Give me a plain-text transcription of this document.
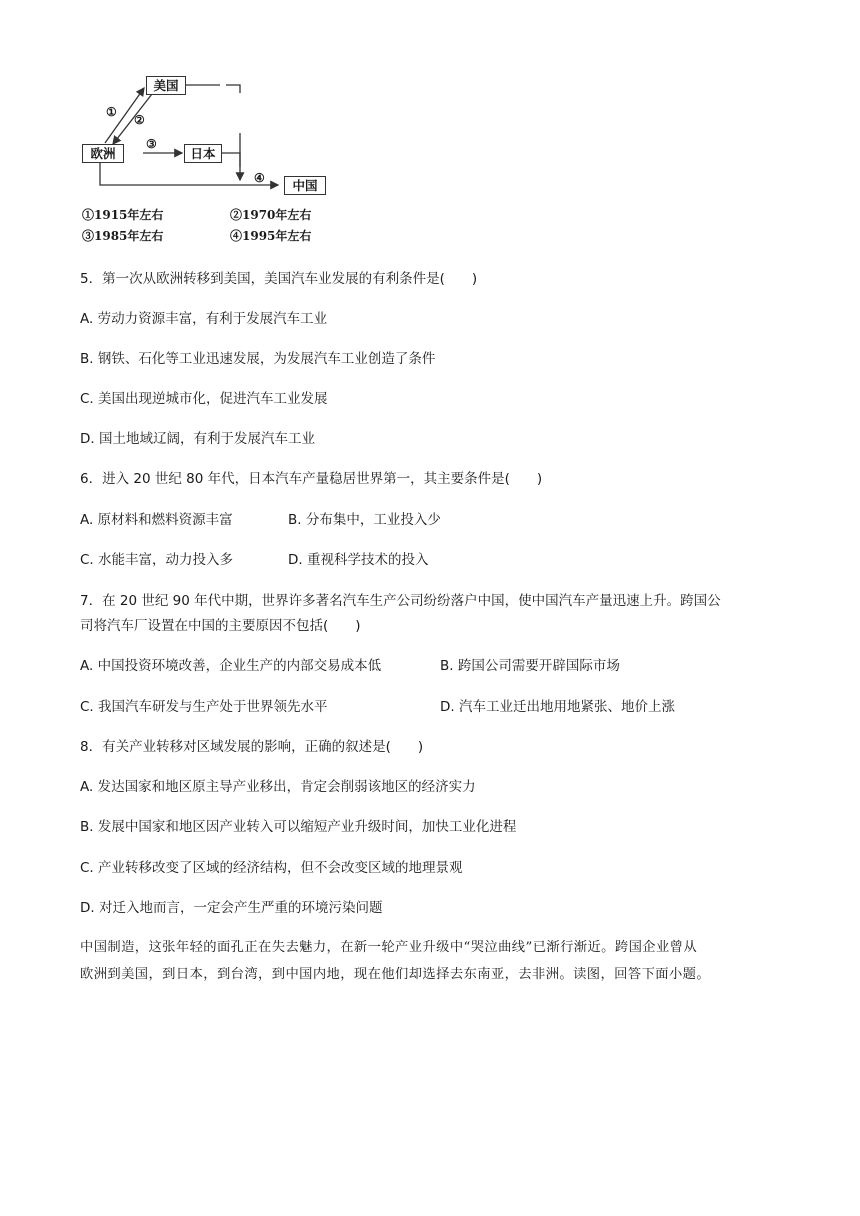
美国
欧洲	日本
中国
①
②
③
④
①1915年左右	②1970年左右
③1985年左右	④1995年左右
5．第一次从欧洲转移到美国，美国汽车业发展的有利条件是(　　)
A. 劳动力资源丰富，有利于发展汽车工业
B. 钢铁、石化等工业迅速发展，为发展汽车工业创造了条件
C. 美国出现逆城市化，促进汽车工业发展
D. 国土地域辽阔，有利于发展汽车工业
6．进入 20 世纪 80 年代，日本汽车产量稳居世界第一，其主要条件是(　　)
A. 原材料和燃料资源丰富	B. 分布集中，工业投入少
C. 水能丰富，动力投入多	D. 重视科学技术的投入
7．在 20 世纪 90 年代中期，世界许多著名汽车生产公司纷纷落户中国，使中国汽车产量迅速上升。跨国公
司将汽车厂设置在中国的主要原因不包括(　　)
A. 中国投资环境改善，企业生产的内部交易成本低	B. 跨国公司需要开辟国际市场
C. 我国汽车研发与生产处于世界领先水平	D. 汽车工业迁出地用地紧张、地价上涨
8．有关产业转移对区域发展的影响，正确的叙述是(　　)
A. 发达国家和地区原主导产业移出，肯定会削弱该地区的经济实力
B. 发展中国家和地区因产业转入可以缩短产业升级时间，加快工业化进程
C. 产业转移改变了区域的经济结构，但不会改变区域的地理景观
D. 对迁入地而言，一定会产生严重的环境污染问题
中国制造，这张年轻的面孔正在失去魅力，在新一轮产业升级中“哭泣曲线”已渐行渐近。跨国企业曾从
欧洲到美国，到日本，到台湾，到中国内地，现在他们却选择去东南亚，去非洲。读图，回答下面小题。
